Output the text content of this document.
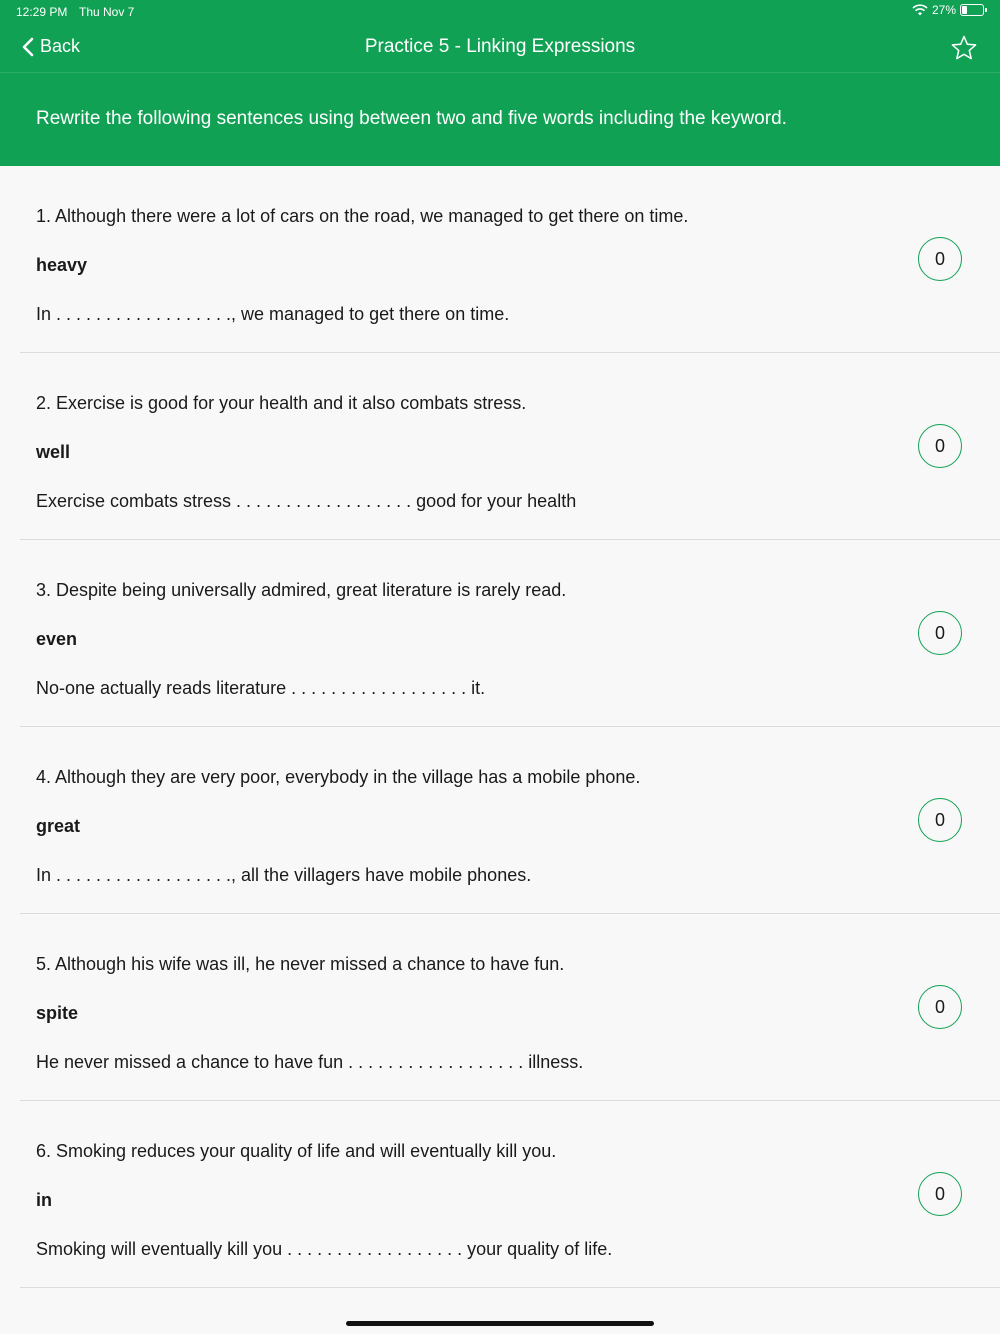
12:29 PM Thu Nov 7	27%
Back	Practice 5 - Linking Expressions
Rewrite the following sentences using between two and five words including the keyword.
1. Although there were a lot of cars on the road, we managed to get there on time.
heavy
In . . . . . . . . . . . . . . . . . ., we managed to get there on time.
0
2. Exercise is good for your health and it also combats stress.
well
Exercise combats stress . . . . . . . . . . . . . . . . . . good for your health
0
3. Despite being universally admired, great literature is rarely read.
even
No-one actually reads literature . . . . . . . . . . . . . . . . . . it.
0
4. Although they are very poor, everybody in the village has a mobile phone.
great
In . . . . . . . . . . . . . . . . . ., all the villagers have mobile phones.
0
5. Although his wife was ill, he never missed a chance to have fun.
spite
He never missed a chance to have fun . . . . . . . . . . . . . . . . . . illness.
0
6. Smoking reduces your quality of life and will eventually kill you.
in
Smoking will eventually kill you . . . . . . . . . . . . . . . . . . your quality of life.
0
